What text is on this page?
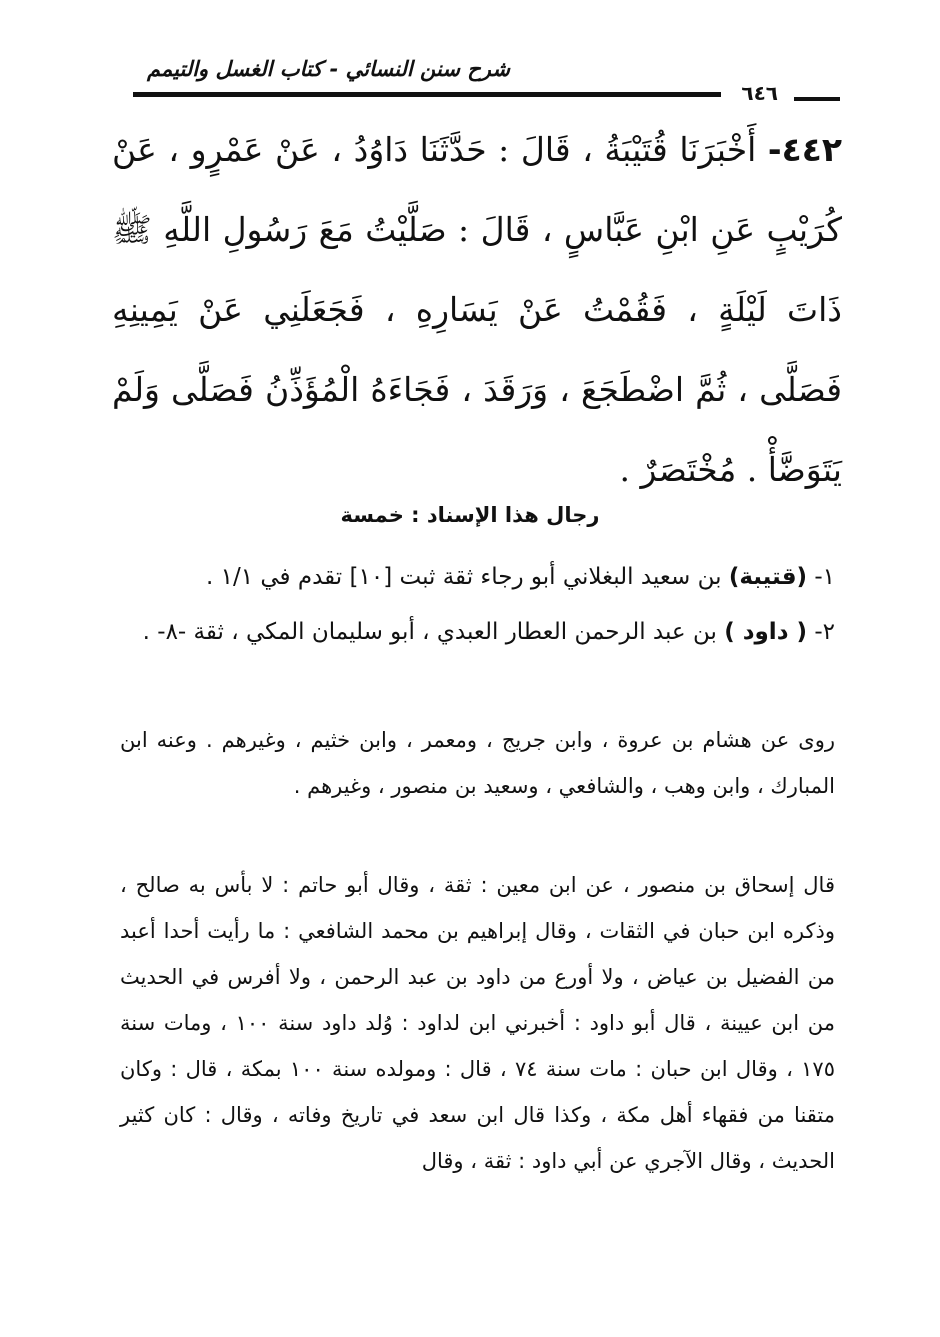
شرح سنن النسائي - كتاب الغسل والتيمم
٦٤٦
٤٤٢- أَخْبَرَنَا قُتَيْبَةُ ، قَالَ : حَدَّثَنَا دَاوُدُ ، عَنْ عَمْرٍو ، عَنْ كُرَيْبٍ عَنِ ابْنِ عَبَّاسٍ ، قَالَ : صَلَّيْتُ مَعَ رَسُولِ اللَّهِ ﷺ ذَاتَ لَيْلَةٍ ، فَقُمْتُ عَنْ يَسَارِهِ ، فَجَعَلَنِي عَنْ يَمِينِهِ فَصَلَّى ، ثُمَّ اضْطَجَعَ ، وَرَقَدَ ، فَجَاءَهُ الْمُؤَذِّنُ فَصَلَّى وَلَمْ يَتَوَضَّأْ . مُخْتَصَرٌ .
رجال هذا الإسناد : خمسة
١- (قتيبة) بن سعيد البغلاني أبو رجاء ثقة ثبت [١٠] تقدم في ١/١ .
٢- ( داود ) بن عبد الرحمن العطار العبدي ، أبو سليمان المكي ، ثقة -٨- .
روى عن هشام بن عروة ، وابن جريج ، ومعمر ، وابن خثيم ، وغيرهم . وعنه ابن المبارك ، وابن وهب ، والشافعي ، وسعيد بن منصور ، وغيرهم .
قال إسحاق بن منصور ، عن ابن معين : ثقة ، وقال أبو حاتم : لا بأس به صالح ، وذكره ابن حبان في الثقات ، وقال إبراهيم بن محمد الشافعي : ما رأيت أحدا أعبد من الفضيل بن عياض ، ولا أورع من داود بن عبد الرحمن ، ولا أفرس في الحديث من ابن عيينة ، قال أبو داود : أخبرني ابن لداود : وُلد داود سنة ١٠٠ ، ومات سنة ١٧٥ ، وقال ابن حبان : مات سنة ٧٤ ، قال : ومولده سنة ١٠٠ بمكة ، قال : وكان متقنا من فقهاء أهل مكة ، وكذا قال ابن سعد في تاريخ وفاته ، وقال : كان كثير الحديث ، وقال الآجري عن أبي داود : ثقة ، وقال
